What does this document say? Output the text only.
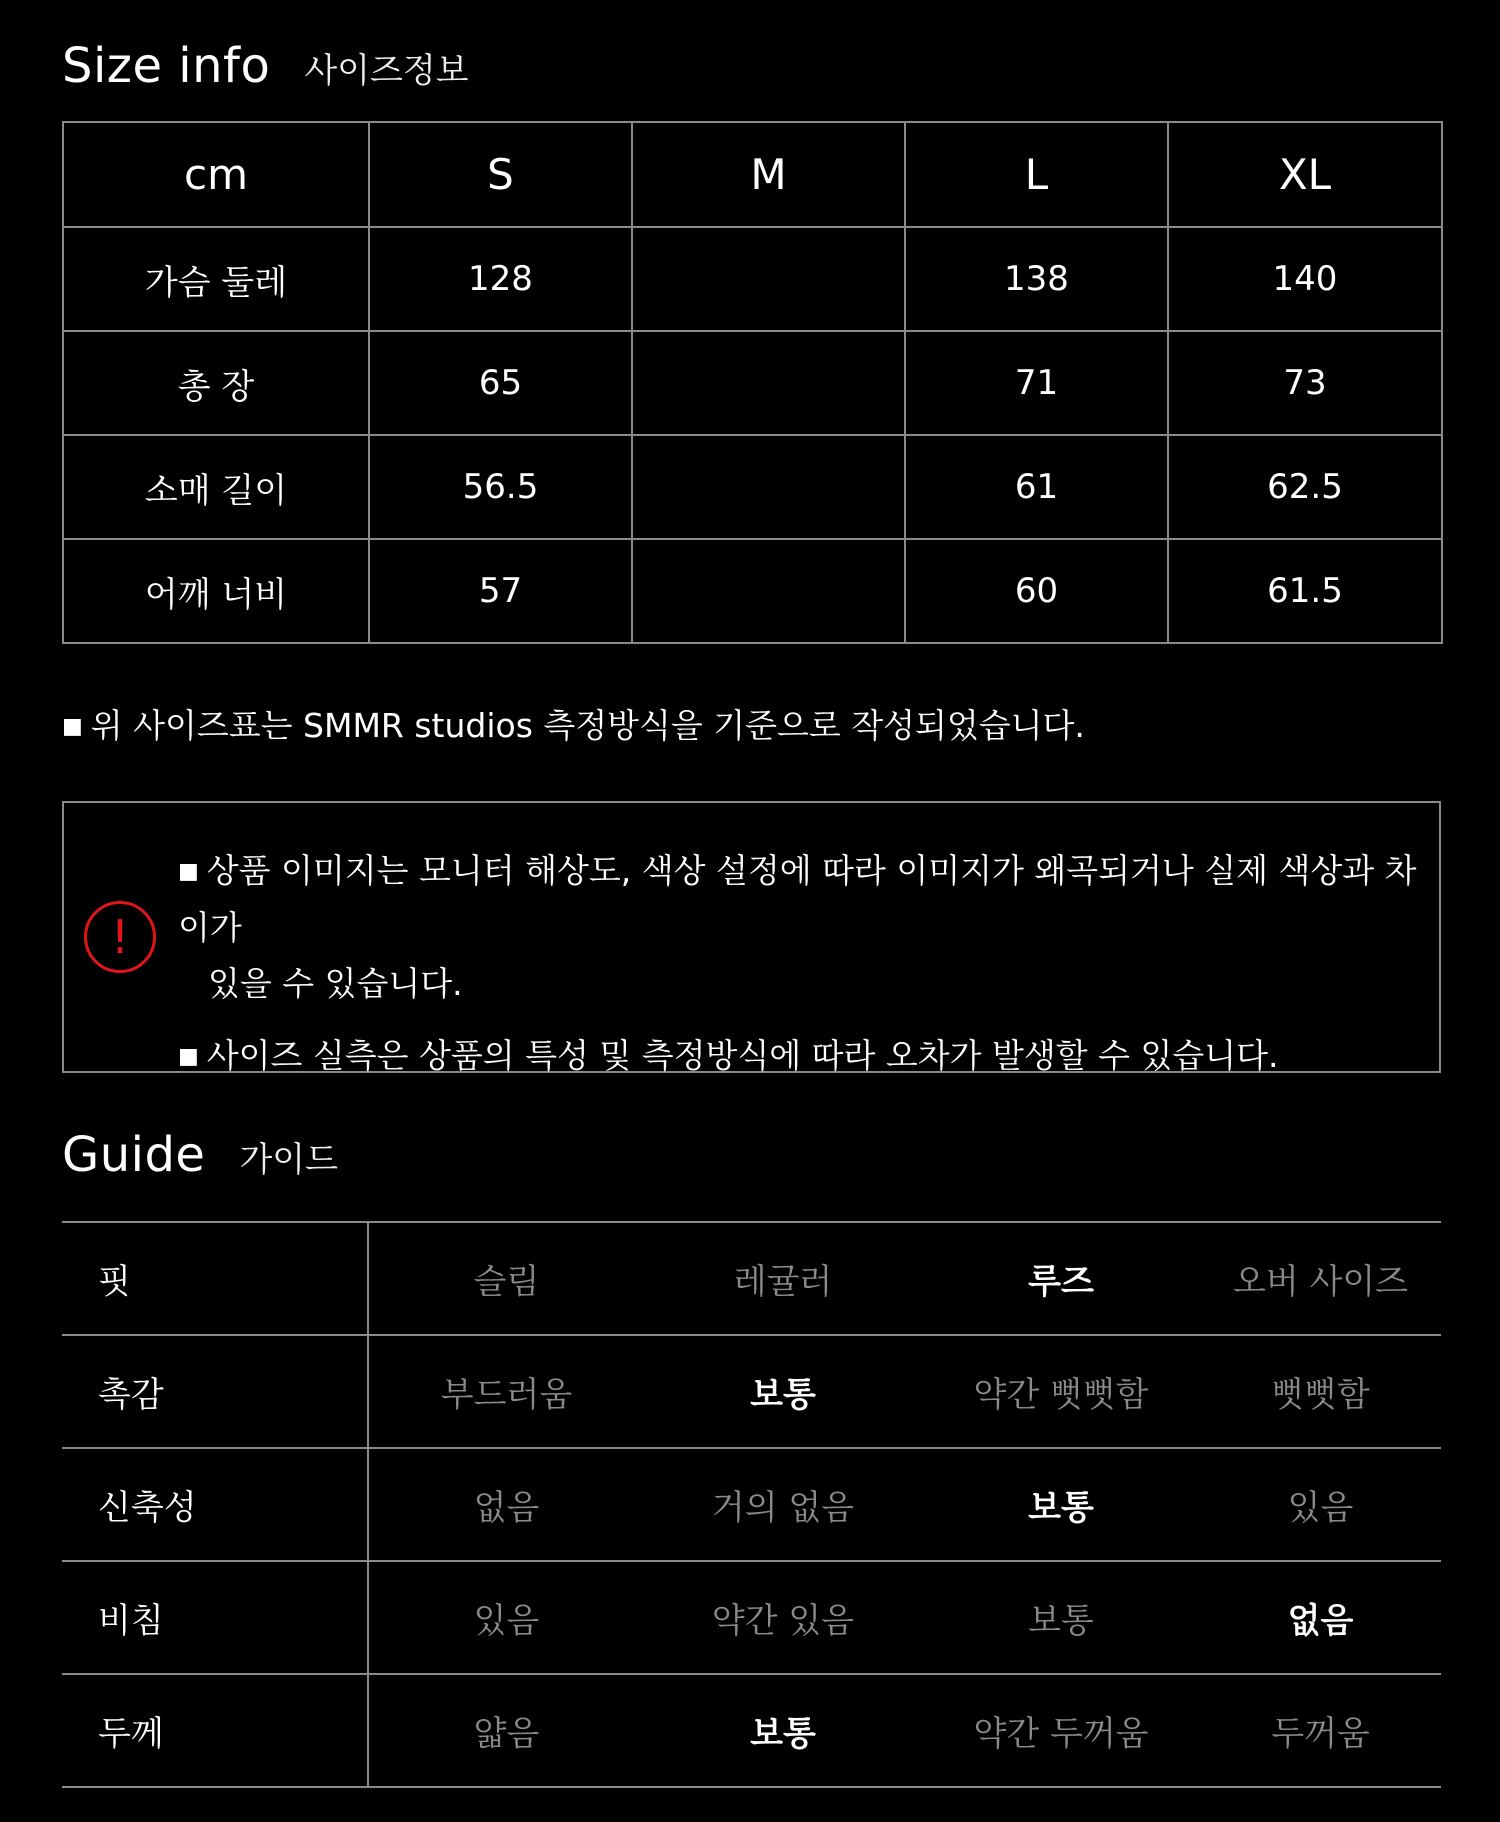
Size info 사이즈정보
cm	S	M	L	XL
가슴 둘레	128		138	140
총 장	65		71	73
소매 길이	56.5		61	62.5
어깨 너비	57		60	61.5
■ 위 사이즈표는 SMMR studios 측정방식을 기준으로 작성되었습니다.
!

■ 상품 이미지는 모니터 해상도, 색상 설정에 따라 이미지가 왜곡되거나 실제 색상과 차이가
있을 수 있습니다.

■ 사이즈 실측은 상품의 특성 및 측정방식에 따라 오차가 발생할 수 있습니다.

Guide 가이드
핏	슬림	레귤러	루즈	오버 사이즈
촉감	부드러움	보통	약간 뻣뻣함	뻣뻣함
신축성	없음	거의 없음	보통	있음
비침	있음	약간 있음	보통	없음
두께	얇음	보통	약간 두꺼움	두꺼움
